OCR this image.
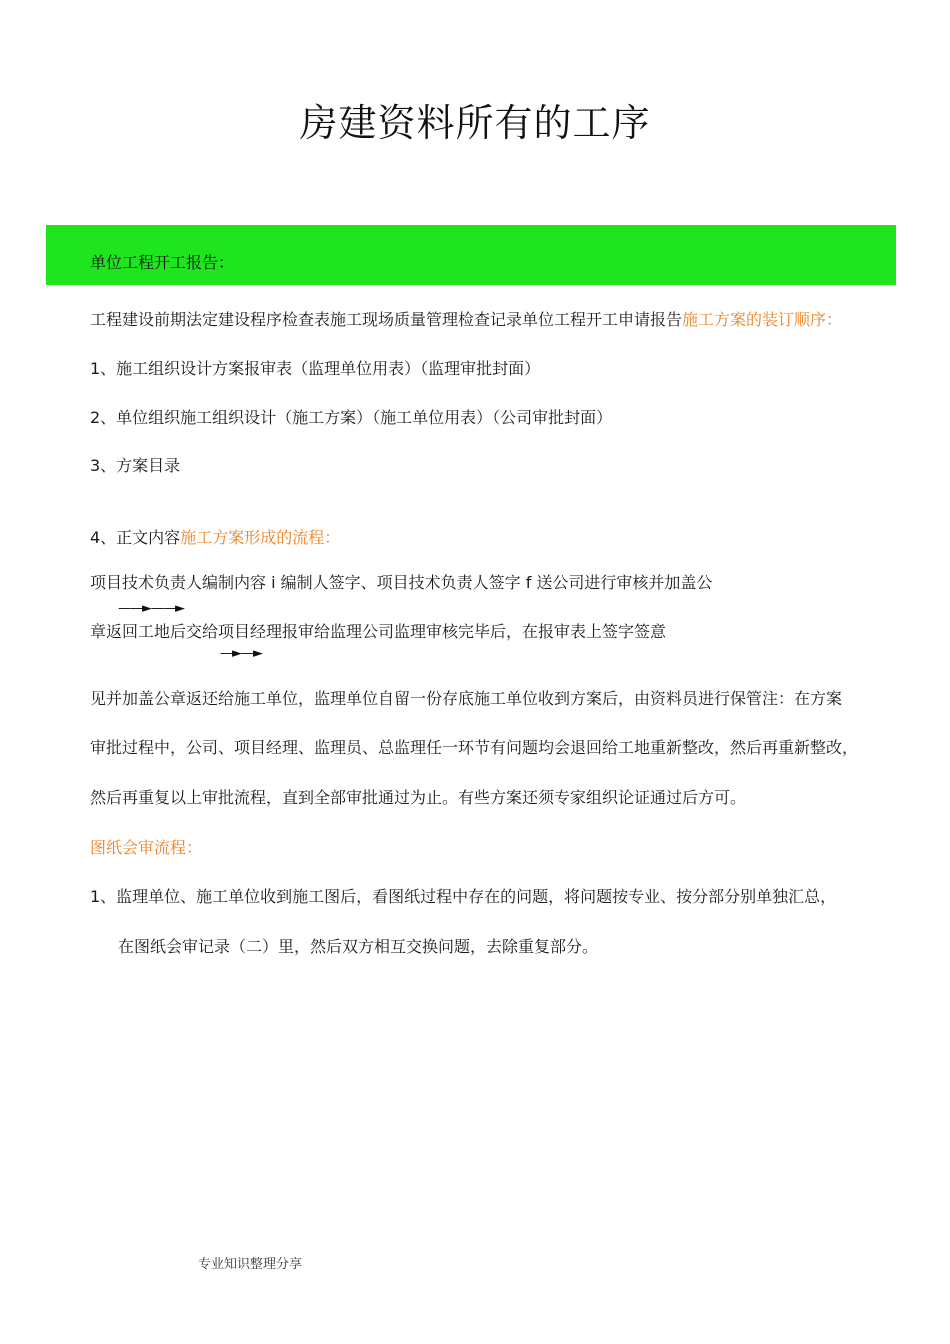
房建资料所有的工序
单位工程开工报告：
工程建设前期法定建设程序检查表施工现场质量管理检查记录单位工程开工申请报告施工方案的装订顺序：
1、施工组织设计方案报审表（监理单位用表）（监理审批封面）
2、单位组织施工组织设计（施工方案）（施工单位用表）（公司审批封面）
3、方案目录
4、正文内容施工方案形成的流程：
项目技术负责人编制内容 i 编制人签字、项目技术负责人签字 f 送公司进行审核并加盖公
——►——►
章返回工地后交给项目经理报审给监理公司监理审核完毕后，在报审表上签字签意
—►—►
见并加盖公章返还给施工单位，监理单位自留一份存底施工单位收到方案后，由资料员进行保管注：在方案
审批过程中，公司、项目经理、监理员、总监理任一环节有问题均会退回给工地重新整改，然后再重新整改，
然后再重复以上审批流程，直到全部审批通过为止。有些方案还须专家组织论证通过后方可。
图纸会审流程：
1、监理单位、施工单位收到施工图后，看图纸过程中存在的问题，将问题按专业、按分部分别单独汇总，
在图纸会审记录（二）里，然后双方相互交换问题，去除重复部分。
专业知识整理分享
